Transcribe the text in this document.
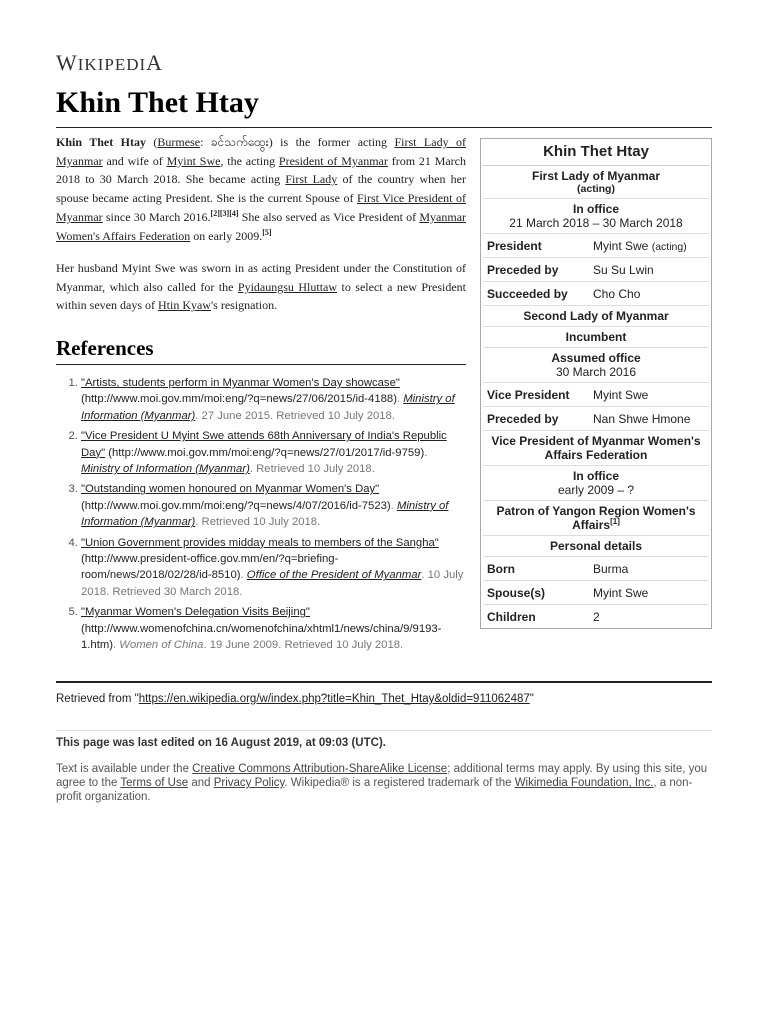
WIKIPEDIA
Khin Thet Htay

Khin Thet Htay (Burmese: ခင်သက်ထွေး) is the former acting First Lady of Myanmar and wife of Myint Swe, the acting President of Myanmar from 21 March 2018 to 30 March 2018. She became acting First Lady of the country when her spouse became acting President. She is the current Spouse of First Vice President of Myanmar since 30 March 2016.[2][3][4] She also served as Vice President of Myanmar Women's Affairs Federation on early 2009.[5]

Her husband Myint Swe was sworn in as acting President under the Constitution of Myanmar, which also called for the Pyidaungsu Hluttaw to select a new President within seven days of Htin Kyaw's resignation.

References
1. "Artists, students perform in Myanmar Women's Day showcase" (http://www.moi.gov.mm/moi:eng/?q=news/27/06/2015/id-4188). Ministry of Information (Myanmar). 27 June 2015. Retrieved 10 July 2018.
2. "Vice President U Myint Swe attends 68th Anniversary of India's Republic Day" (http://www.moi.gov.mm/moi:eng/?q=news/27/01/2017/id-9759). Ministry of Information (Myanmar). Retrieved 10 July 2018.
3. "Outstanding women honoured on Myanmar Women's Day" (http://www.moi.gov.mm/moi:eng/?q=news/4/07/2016/id-7523). Ministry of Information (Myanmar). Retrieved 10 July 2018.
4. "Union Government provides midday meals to members of the Sangha" (http://www.president-office.gov.mm/en/?q=briefing-room/news/2018/02/28/id-8510). Office of the President of Myanmar. 10 July 2018. Retrieved 30 March 2018.
5. "Myanmar Women's Delegation Visits Beijing" (http://www.womenofchina.cn/womenofchina/xhtml1/news/china/9/9193-1.htm). Women of China. 19 June 2009. Retrieved 10 July 2018.
Khin Thet Htay
First Lady of Myanmar
(acting)
In office
21 March 2018 – 30 March 2018
President	Myint Swe (acting)
Preceded by	Su Su Lwin
Succeeded by	Cho Cho
Second Lady of Myanmar
Incumbent
Assumed office
30 March 2016
Vice President	Myint Swe
Preceded by	Nan Shwe Hmone
Vice President of Myanmar Women's Affairs Federation
In office
early 2009 – ?
Patron of Yangon Region Women's Affairs[1]
Personal details
Born	Burma
Spouse(s)	Myint Swe
Children	2
Retrieved from "https://en.wikipedia.org/w/index.php?title=Khin_Thet_Htay&oldid=911062487"
This page was last edited on 16 August 2019, at 09:03 (UTC).

Text is available under the Creative Commons Attribution-ShareAlike License; additional terms may apply. By using this site, you agree to the Terms of Use and Privacy Policy. Wikipedia® is a registered trademark of the Wikimedia Foundation, Inc., a non-profit organization.
